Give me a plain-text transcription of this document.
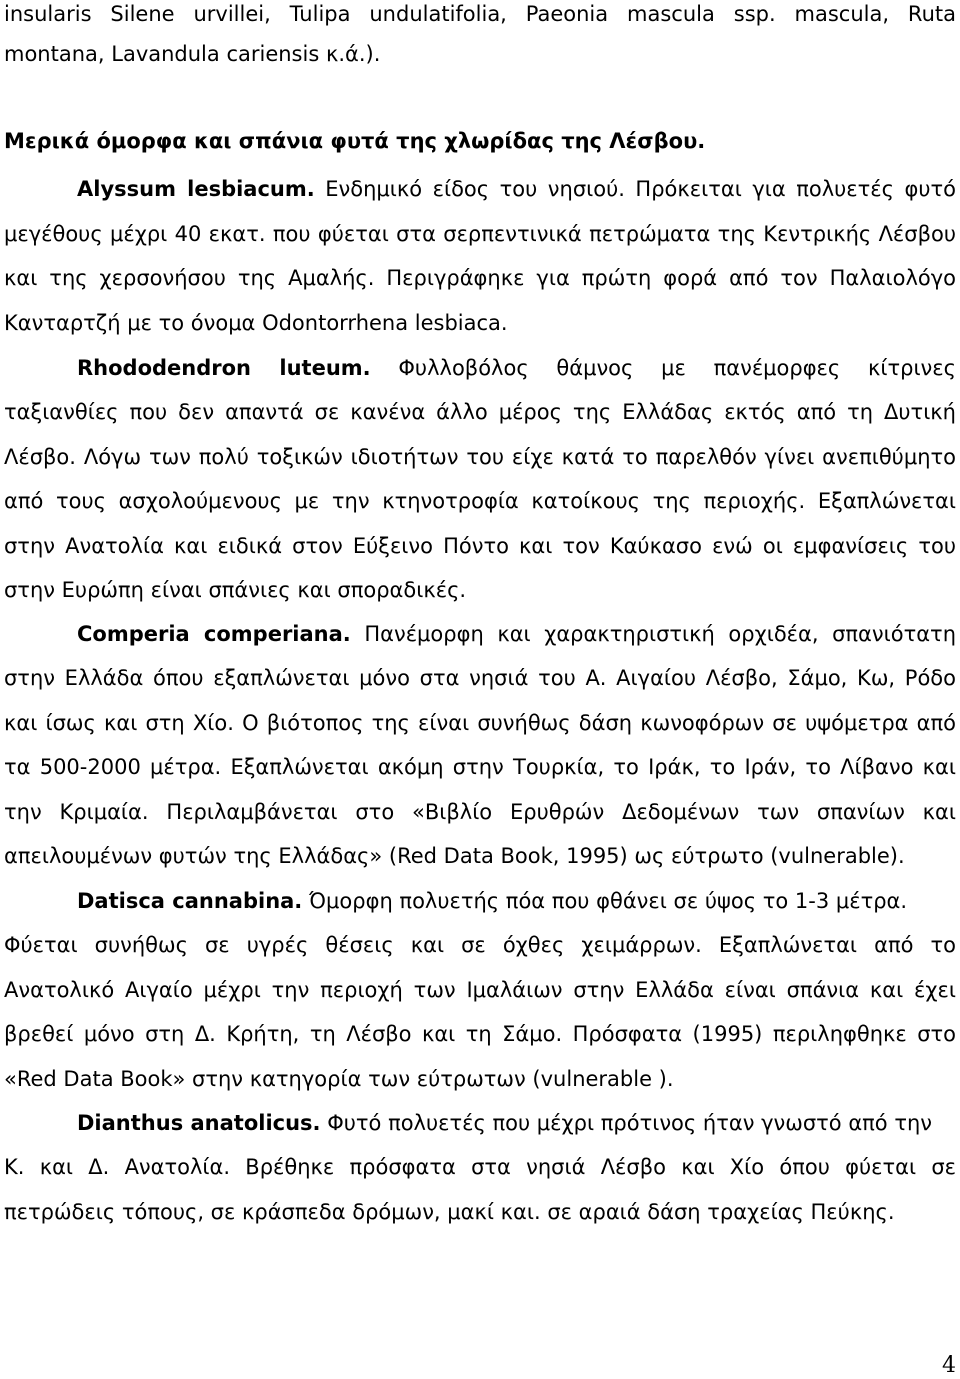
insularis Silene urvillei, Tulipa undulatifolia, Paeonia mascula ssp. mascula, Ruta
montana, Lavandula cariensis κ.ά.).
Μερικά όμορφα και σπάνια φυτά της χλωρίδας της Λέσβου.
Alyssum lesbiacum. Ενδημικό είδος του νησιού. Πρόκειται για πολυετές φυτό
μεγέθους μέχρι 40 εκατ. που φύεται στα σερπεντινικά πετρώματα της Κεντρικής Λέσβου
και της χερσονήσου της Αμαλής. Περιγράφηκε για πρώτη φορά από τον Παλαιολόγο
Κανταρτζή με το όνομα Odontorrhena lesbiaca.
Rhododendron luteum. Φυλλοβόλος θάμνος με πανέμορφες κίτρινες
ταξιανθίες που δεν απαντά σε κανένα άλλο μέρος της Ελλάδας εκτός από τη Δυτική
Λέσβο. Λόγω των πολύ τοξικών ιδιοτήτων του είχε κατά το παρελθόν γίνει ανεπιθύμητο
από τους ασχολούμενους με την κτηνοτροφία κατοίκους της περιοχής. Εξαπλώνεται
στην Ανατολία και ειδικά στον Εύξεινο Πόντο και τον Καύκασο ενώ οι εμφανίσεις του
στην Ευρώπη είναι σπάνιες και σποραδικές.
Comperia comperiana. Πανέμορφη και χαρακτηριστική ορχιδέα, σπανιότατη
στην Ελλάδα όπου εξαπλώνεται μόνο στα νησιά του Α. Αιγαίου Λέσβο, Σάμο, Κω, Ρόδο
και ίσως και στη Χίο. Ο βιότοπος της είναι συνήθως δάση κωνοφόρων σε υψόμετρα από
τα 500-2000 μέτρα. Εξαπλώνεται ακόμη στην Τουρκία, το Ιράκ, το Ιράν, το Λίβανο και
την Κριμαία. Περιλαμβάνεται στο «Βιβλίο Ερυθρών Δεδομένων των σπανίων και
απειλουμένων φυτών της Ελλάδας» (Red Data Book, 1995) ως εύτρωτο (vulnerable).
Datisca cannabina. Όμορφη πολυετής πόα που φθάνει σε ύψος το 1-3 μέτρα.
Φύεται συνήθως σε υγρές θέσεις και σε όχθες χειμάρρων. Εξαπλώνεται από το
Ανατολικό Αιγαίο μέχρι την περιοχή των Ιμαλάιων στην Ελλάδα είναι σπάνια και έχει
βρεθεί μόνο στη Δ. Κρήτη, τη Λέσβο και τη Σάμο. Πρόσφατα (1995) περιληφθηκε στο
«Red Data Book» στην κατηγορία των εύτρωτων (vulnerable ).
Dianthus anatolicus. Φυτό πολυετές που μέχρι πρότινος ήταν γνωστό από την
Κ. και Δ. Ανατολία. Βρέθηκε πρόσφατα στα νησιά Λέσβο και Χίο όπου φύεται σε
πετρώδεις τόπους, σε κράσπεδα δρόμων, μακί και. σε αραιά δάση τραχείας Πεύκης.
4
